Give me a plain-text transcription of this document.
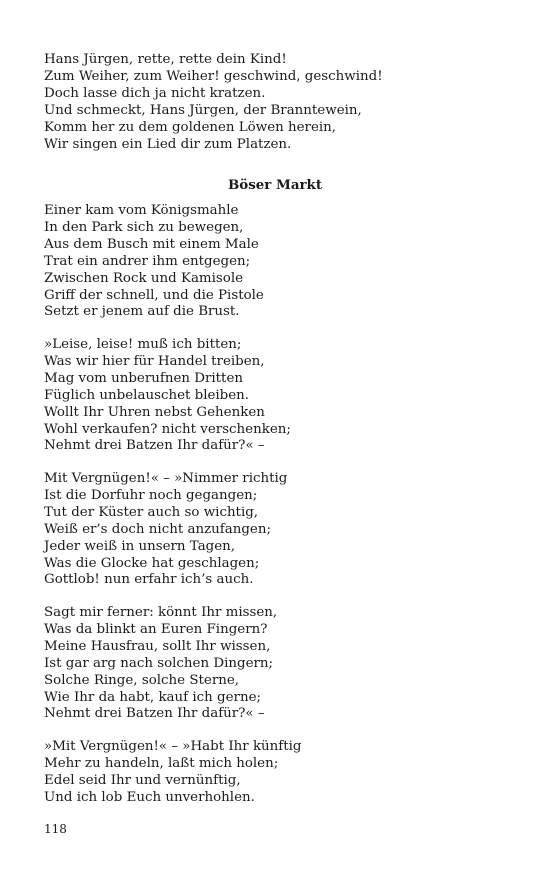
Hans Jürgen, rette, rette dein Kind!
Zum Weiher, zum Weiher! geschwind, geschwind!
Doch lasse dich ja nicht kratzen.
Und schmeckt, Hans Jürgen, der Branntewein,
Komm her zu dem goldenen Löwen herein,
Wir singen ein Lied dir zum Platzen.
Böser Markt
Einer kam vom Königsmahle
In den Park sich zu bewegen,
Aus dem Busch mit einem Male
Trat ein andrer ihm entgegen;
Zwischen Rock und Kamisole
Griff der schnell, und die Pistole
Setzt er jenem auf die Brust.
»Leise, leise! muß ich bitten;
Was wir hier für Handel treiben,
Mag vom unberufnen Dritten
Füglich unbelauschet bleiben.
Wollt Ihr Uhren nebst Gehenken
Wohl verkaufen? nicht verschenken;
Nehmt drei Batzen Ihr dafür?« –
Mit Vergnügen!« – »Nimmer richtig
Ist die Dorfuhr noch gegangen;
Tut der Küster auch so wichtig,
Weiß er’s doch nicht anzufangen;
Jeder weiß in unsern Tagen,
Was die Glocke hat geschlagen;
Gottlob! nun erfahr ich’s auch.
Sagt mir ferner: könnt Ihr missen,
Was da blinkt an Euren Fingern?
Meine Hausfrau, sollt Ihr wissen,
Ist gar arg nach solchen Dingern;
Solche Ringe, solche Sterne,
Wie Ihr da habt, kauf ich gerne;
Nehmt drei Batzen Ihr dafür?« –
»Mit Vergnügen!« – »Habt Ihr künftig
Mehr zu handeln, laßt mich holen;
Edel seid Ihr und vernünftig,
Und ich lob Euch unverhohlen.
118
